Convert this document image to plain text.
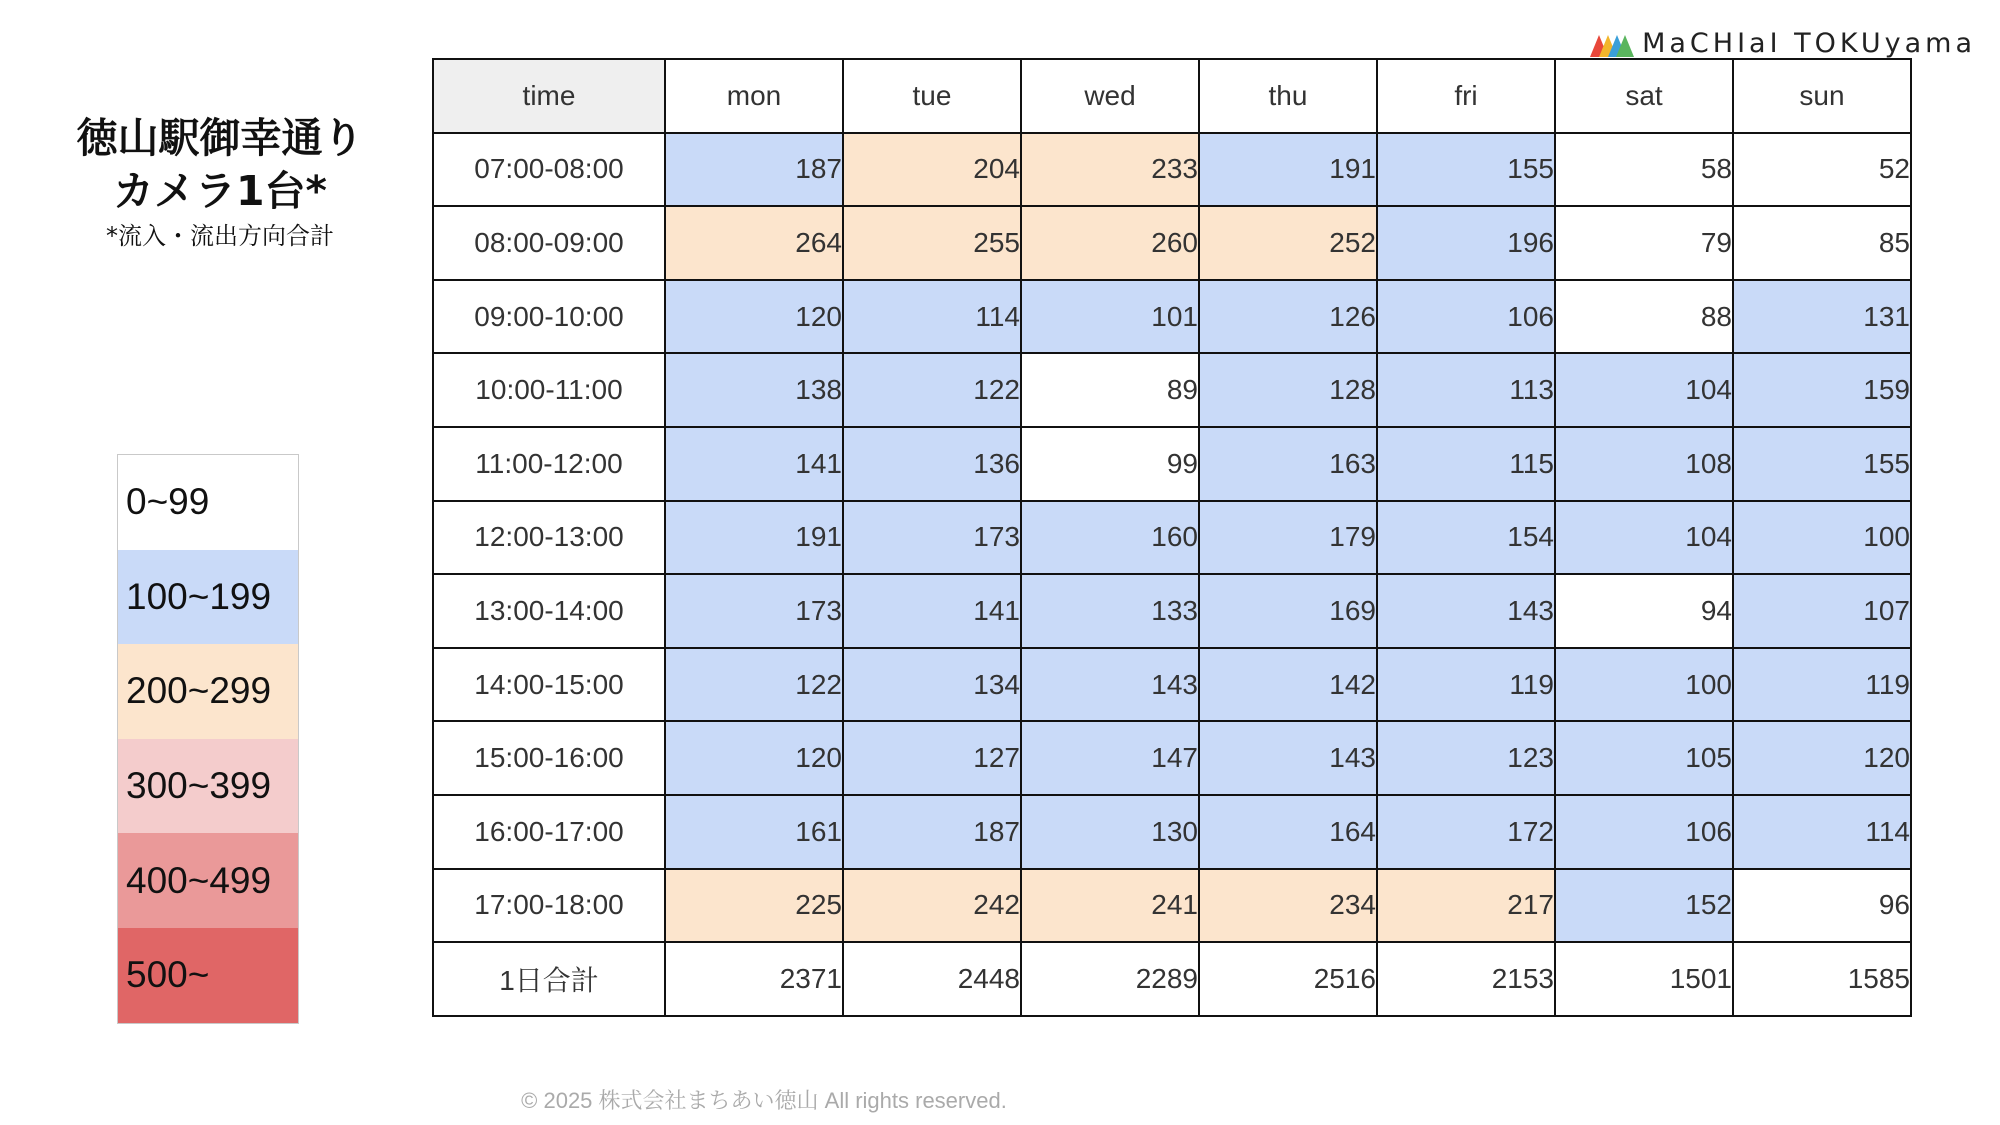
徳山駅御幸通り
カメラ1台*
*流入・流出方向合計
0~99
100~199
200~299
300~399
400~499
500~
MaCHIaI TOKUyama
time	mon	tue	wed	thu	fri	sat	sun
07:00-08:00	187	204	233	191	155	58	52
08:00-09:00	264	255	260	252	196	79	85
09:00-10:00	120	114	101	126	106	88	131
10:00-11:00	138	122	89	128	113	104	159
11:00-12:00	141	136	99	163	115	108	155
12:00-13:00	191	173	160	179	154	104	100
13:00-14:00	173	141	133	169	143	94	107
14:00-15:00	122	134	143	142	119	100	119
15:00-16:00	120	127	147	143	123	105	120
16:00-17:00	161	187	130	164	172	106	114
17:00-18:00	225	242	241	234	217	152	96
1日合計	2371	2448	2289	2516	2153	1501	1585
© 2025 株式会社まちあい徳山 All rights reserved.
